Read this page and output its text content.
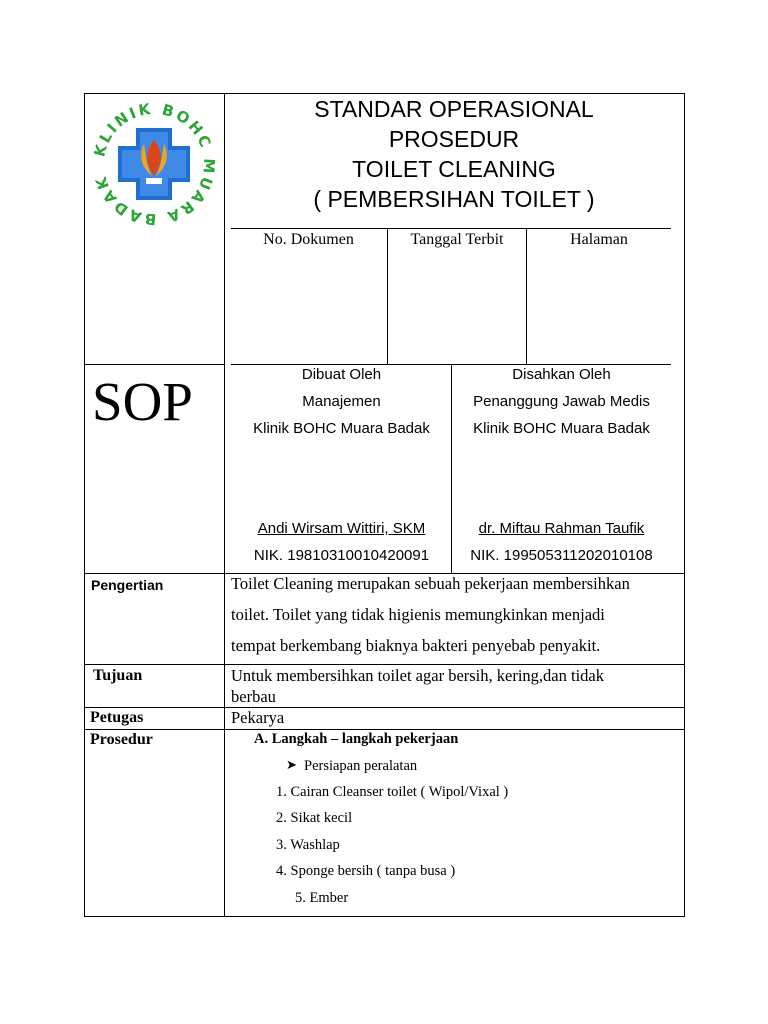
KLINIK BOHC MUARA BADAK
STANDAR OPERASIONAL
PROSEDUR
TOILET CLEANING
( PEMBERSIHAN TOILET )
No. Dokumen	Tanggal Terbit	Halaman
SOP	Dibuat Oleh
Manajemen
Klinik BOHC Muara Badak
Andi Wirsam Wittiri, SKM
NIK. 19810310010420091
Disahkan Oleh
Penanggung Jawab Medis
Klinik BOHC Muara Badak
dr. Miftau Rahman Taufik
NIK. 199505311202010108
Pengertian	Toilet Cleaning merupakan sebuah pekerjaan membersihkan
toilet. Toilet yang tidak higienis memungkinkan menjadi
tempat berkembang biaknya bakteri penyebab penyakit.
Tujuan	Untuk membersihkan toilet agar bersih, kering,dan tidak
berbau
Petugas	Pekarya
Prosedur	A. Langkah – langkah pekerjaan
➤ Persiapan peralatan
1. Cairan Cleanser toilet ( Wipol/Vixal )
2. Sikat kecil
3. Washlap
4. Sponge bersih ( tanpa busa )
5. Ember
